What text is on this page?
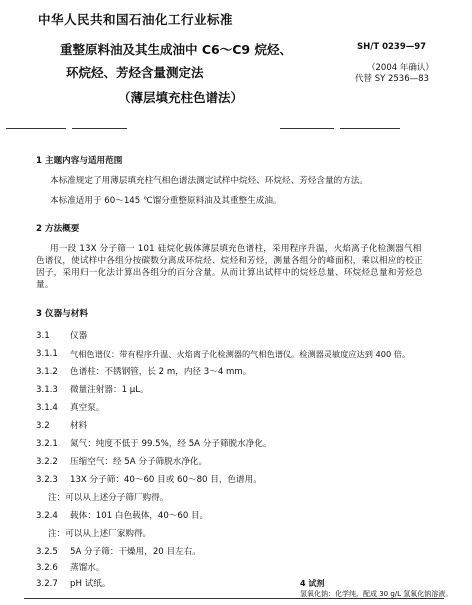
中华人民共和国石油化工行业标准
重整原料油及其生成油中 C6～C9 烷烃、
环烷烃、芳烃含量测定法
（薄层填充柱色谱法）
SH/T 0239—97
（2004 年确认）
代替 SY 2536—83
1 主题内容与适用范围
本标准规定了用薄层填充柱气相色谱法测定试样中烷烃、环烷烃、芳烃含量的方法。
本标准适用于 60～145 ℃馏分重整原料油及其重整生成油。
2 方法概要
用一段 13X 分子筛一 101 硅烷化载体薄层填充色谱柱，采用程序升温，火焰离子化检测器气相色谱仪，使试样中各组分按碳数分离成环烷烃、烷烃和芳烃，测量各组分的峰面积，乘以相应的校正因子，采用归一化法计算出各组分的百分含量。从而计算出试样中的烷烃总量、环烷烃总量和芳烃总量。
3 仪器与材料
3.1 仪器
3.1.1 气相色谱仪：带有程序升温、火焰离子化检测器的气相色谱仪。检测器灵敏度应达到 400 倍。
3.1.2 色谱柱：不锈钢管，长 2 m，内径 3～4 mm。
3.1.3 微量注射器：1 μL。
3.1.4 真空泵。
3.2 材料
3.2.1 氮气：纯度不低于 99.5%，经 5A 分子筛脱水净化。
3.2.2 压缩空气：经 5A 分子筛脱水净化。
3.2.3 13X 分子筛：40～60 目或 60～80 目，色谱用。
注：可以从上述分子筛厂购得。
3.2.4 载体：101 白色载体，40～60 目。
注：可以从上述厂家购得。
3.2.5 5A 分子筛：干燥用，20 目左右。
3.2.6 蒸馏水。
3.2.7 pH 试纸。	4 试剂
氢氧化钠：化学纯，配成 30 g/L 氢氧化钠溶液。
